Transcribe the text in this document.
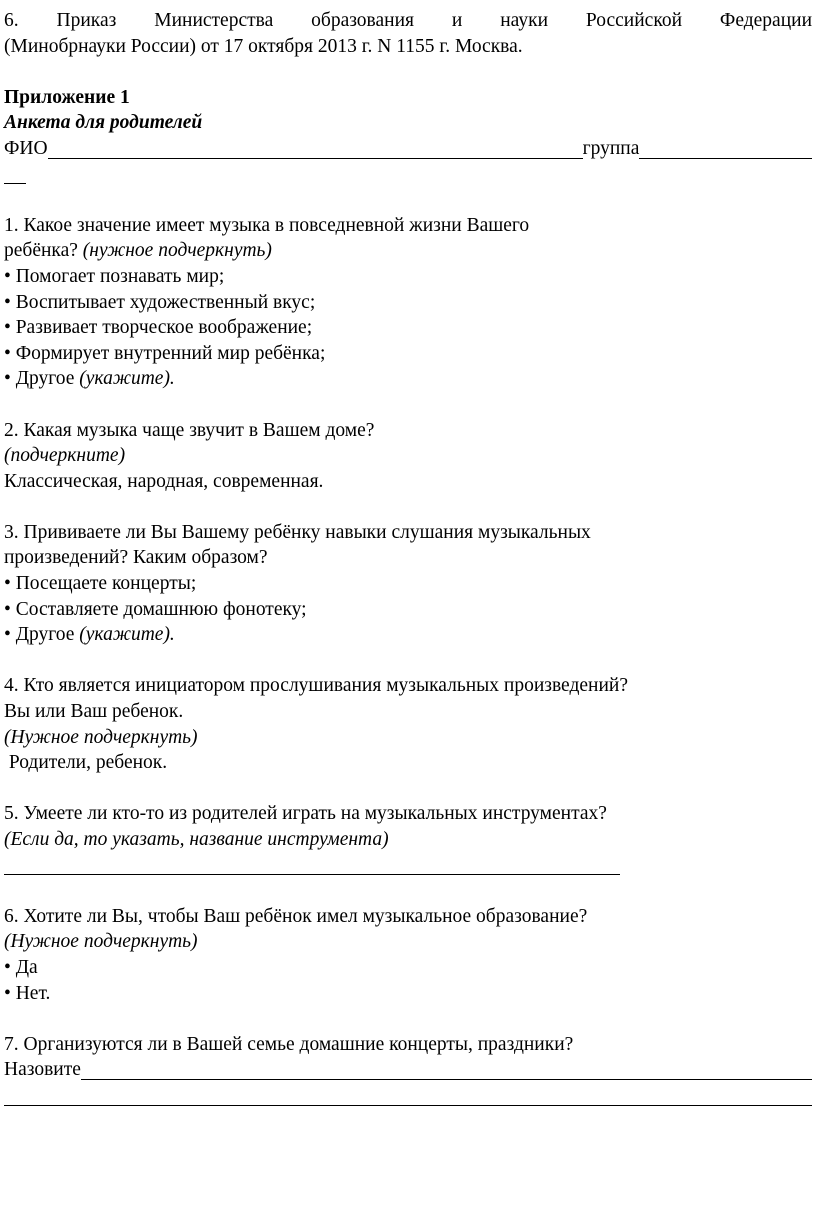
6. Приказ Министерства образования и науки Российской Федерации
(Минобрнауки России) от 17 октября 2013 г. N 1155 г. Москва.
Приложение 1
Анкета для родителей
ФИО	группа
1. Какое значение имеет музыка в повседневной жизни Вашего
ребёнка? (нужное подчеркнуть)
• Помогает познавать мир;
• Воспитывает художественный вкус;
• Развивает творческое воображение;
• Формирует внутренний мир ребёнка;
• Другое (укажите).
2. Какая музыка чаще звучит в Вашем доме?
(подчеркните)
Классическая, народная, современная.
3. Прививаете ли Вы Вашему ребёнку навыки слушания музыкальных
произведений? Каким образом?
• Посещаете концерты;
• Составляете домашнюю фонотеку;
• Другое (укажите).
4. Кто является инициатором прослушивания музыкальных произведений?
Вы или Ваш ребенок.
(Нужное подчеркнуть)
Родители, ребенок.
5. Умеете ли кто-то из родителей играть на музыкальных инструментах?
(Если да, то указать, название инструмента)
6. Хотите ли Вы, чтобы Ваш ребёнок имел музыкальное образование?
(Нужное подчеркнуть)
• Да
• Нет.
7. Организуются ли в Вашей семье домашние концерты, праздники?
Назовите
